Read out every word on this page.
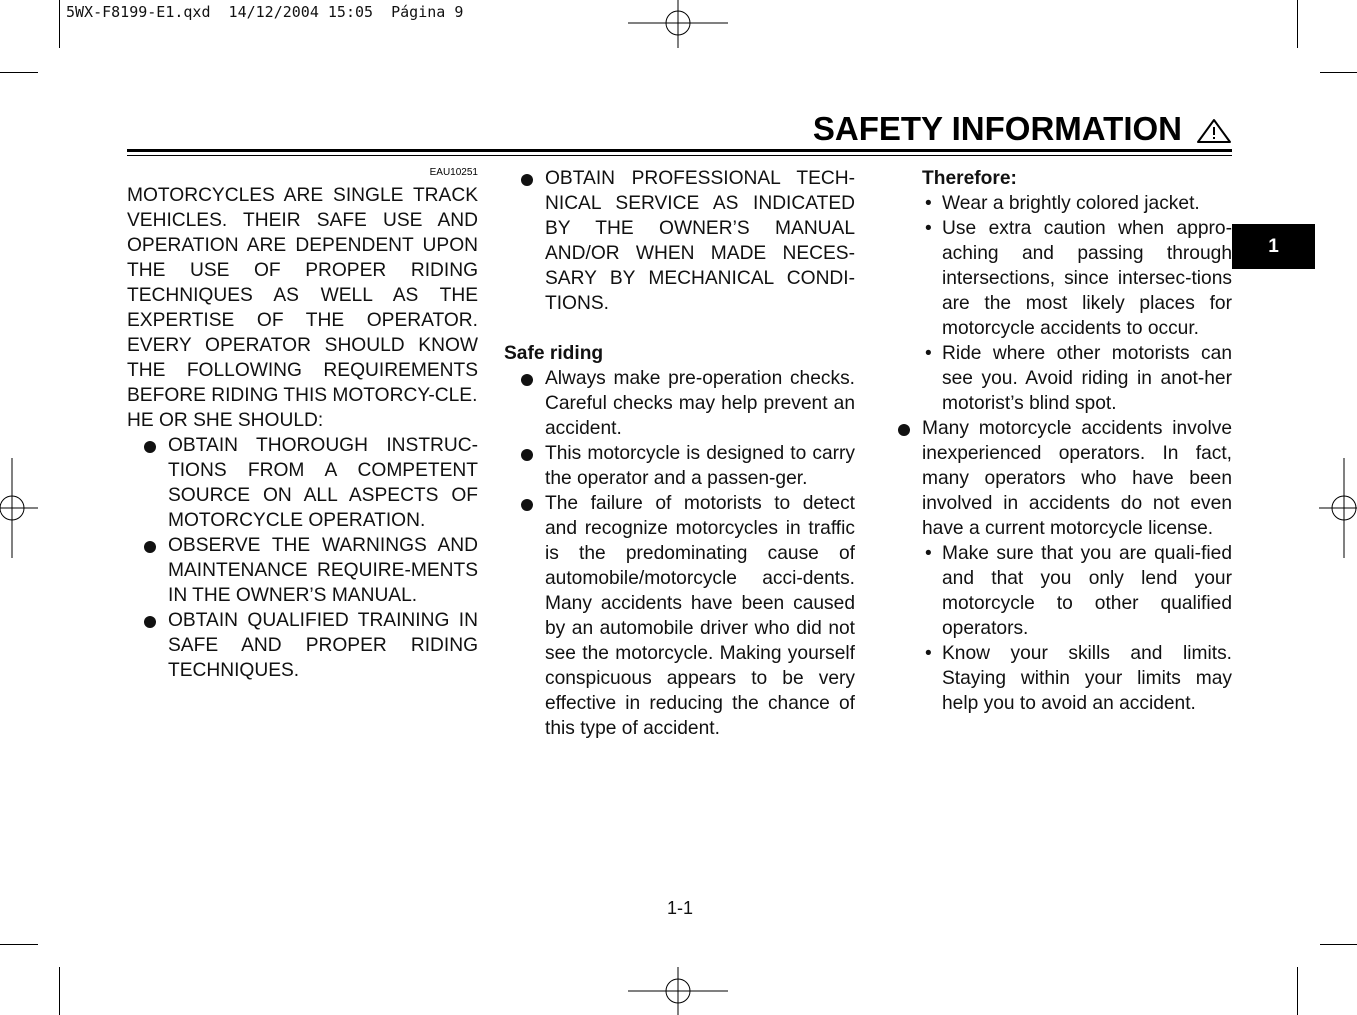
5WX-F8199-E1.qxd  14/12/2004 15:05  Página 9
SAFETY INFORMATION
EAU10251

MOTORCYCLES ARE SINGLE TRACK VEHICLES. THEIR SAFE USE AND OPERATION ARE DEPENDENT UPON THE USE OF PROPER RIDING TECHNIQUES AS WELL AS THE EXPERTISE OF THE OPERATOR. EVERY OPERATOR SHOULD KNOW THE FOLLOWING REQUIREMENTS BEFORE RIDING THIS MOTORCY-CLE.

HE OR SHE SHOULD:

OBTAIN THOROUGH INSTRUC-TIONS FROM A COMPETENT SOURCE ON ALL ASPECTS OF MOTORCYCLE OPERATION.

OBSERVE THE WARNINGS AND MAINTENANCE REQUIRE-MENTS IN THE OWNER’S MANUAL.

OBTAIN QUALIFIED TRAINING IN SAFE AND PROPER RIDING TECHNIQUES.

OBTAIN PROFESSIONAL TECH-NICAL SERVICE AS INDICATED BY THE OWNER’S MANUAL AND/OR WHEN MADE NECES-SARY BY MECHANICAL CONDI-TIONS.

Safe riding

Always make pre-operation checks. Careful checks may help prevent an accident.

This motorcycle is designed to carry the operator and a passen-ger.

The failure of motorists to detect and recognize motorcycles in traffic is the predominating cause of automobile/motorcycle acci-dents. Many accidents have been caused by an automobile driver who did not see the motorcycle. Making yourself conspicuous appears to be very effective in reducing the chance of this type of accident.

Therefore:

• Wear a brightly colored jacket.

• Use extra caution when appro-aching and passing through intersections, since intersec-tions are the most likely places for motorcycle accidents to occur.

• Ride where other motorists can see you. Avoid riding in anot-her motorist’s blind spot.

Many motorcycle accidents involve inexperienced operators. In fact, many operators who have been involved in accidents do not even have a current motorcycle license.

• Make sure that you are quali-fied and that you only lend your motorcycle to other qualified operators.

• Know your skills and limits. Staying within your limits may help you to avoid an accident.

1-1
1
